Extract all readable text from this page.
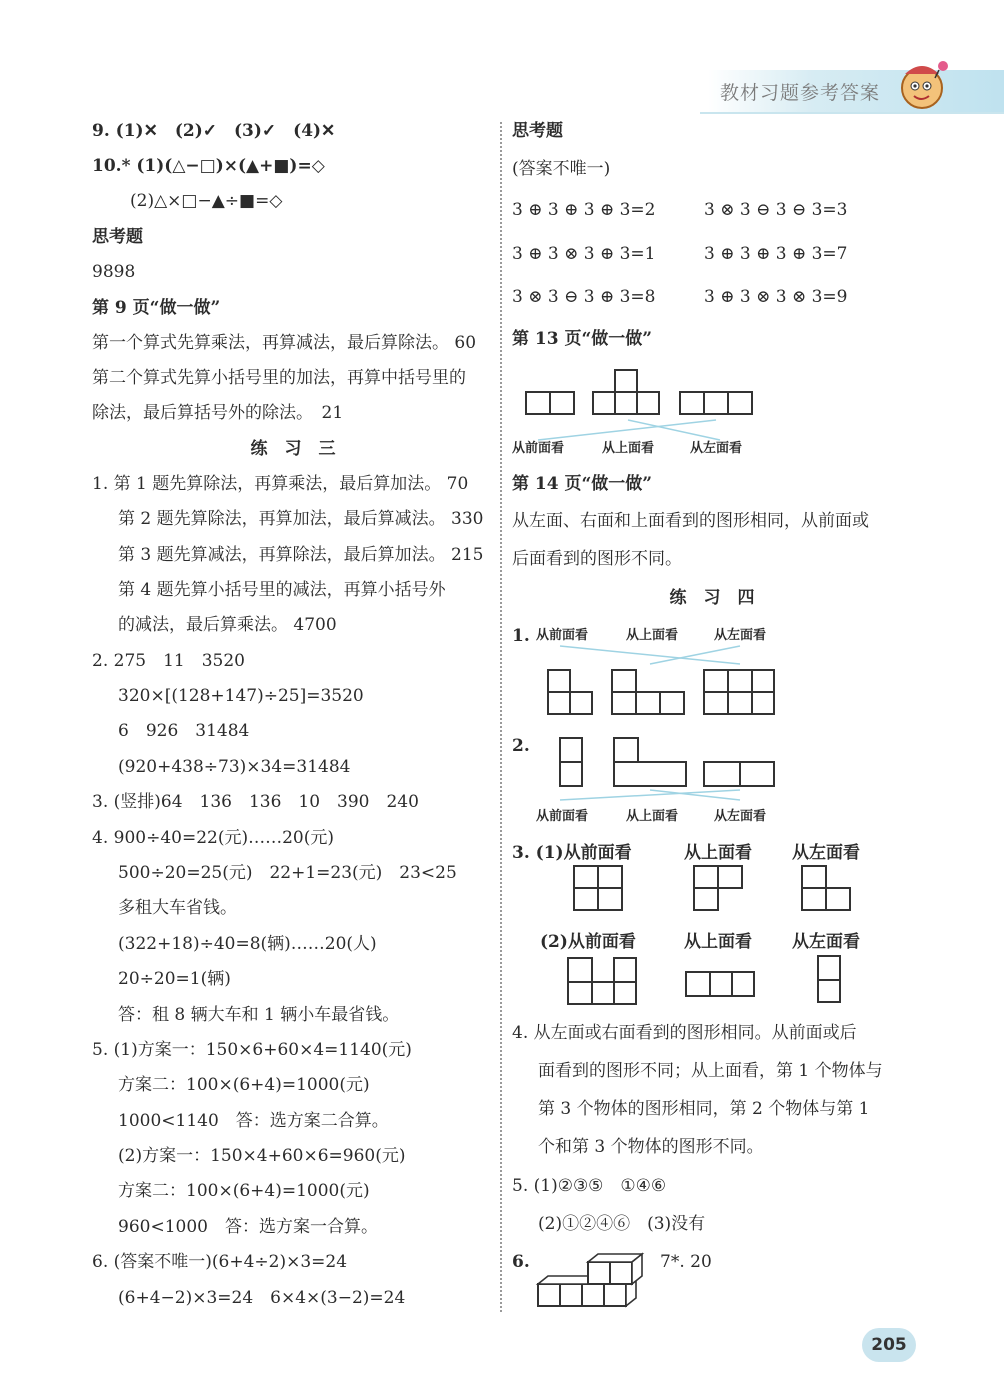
教材习题参考答案
9. (1)✕　(2)✓　(3)✓　(4)✕
10.* (1)(△−□)×(▲+■)=◇
(2)△×□−▲÷■=◇
思考题
9898
第 9 页“做一做”
第一个算式先算乘法，再算减法，最后算除法。 60
第二个算式先算小括号里的加法，再算中括号里的
除法，最后算括号外的除法。　21
练　习　三
1. 第 1 题先算除法，再算乘法，最后算加法。 70
第 2 题先算除法，再算加法，最后算减法。 330
第 3 题先算减法，再算除法，最后算加法。 215
第 4 题先算小括号里的减法，再算小括号外
的减法，最后算乘法。 4700
2. 275　11　3520
320×[(128+147)÷25]=3520
6　926　31484
(920+438÷73)×34=31484
3. (竖排)64　136　136　10　390　240
4. 900÷40=22(元)……20(元)
500÷20=25(元)　22+1=23(元)　23<25
多租大车省钱。
(322+18)÷40=8(辆)……20(人)
20÷20=1(辆)
答：租 8 辆大车和 1 辆小车最省钱。
5. (1)方案一：150×6+60×4=1140(元)
方案二：100×(6+4)=1000(元)
1000<1140　答：选方案二合算。
(2)方案一：150×4+60×6=960(元)
方案二：100×(6+4)=1000(元)
960<1000　答：选方案一合算。
6. (答案不唯一)(6+4÷2)×3=24
(6+4−2)×3=24　6×4×(3−2)=24
思考题
(答案不唯一)
3 ⊕ 3 ⊕ 3 ⊕ 3=2	3 ⊗ 3 ⊖ 3 ⊖ 3=3
3 ⊕ 3 ⊗ 3 ⊕ 3=1	3 ⊕ 3 ⊕ 3 ⊕ 3=7
3 ⊗ 3 ⊖ 3 ⊕ 3=8	3 ⊕ 3 ⊗ 3 ⊗ 3=9
第 13 页“做一做”
从前面看	从上面看	从左面看
第 14 页“做一做”
从左面、右面和上面看到的图形相同，从前面或
后面看到的图形不同。
练　习　四
1. 从前面看	从上面看	从左面看
2.
从前面看	从上面看	从左面看
3. (1)从前面看	从上面看 从左面看
(2)从前面看	从上面看 从左面看
4. 从左面或右面看到的图形相同。从前面或后
面看到的图形不同；从上面看，第 1 个物体与
第 3 个物体的图形相同，第 2 个物体与第 1
个和第 3 个物体的图形不同。
5. (1)②③⑤　①④⑥
(2)①②④⑥　(3)没有
6.	7*. 20
205
